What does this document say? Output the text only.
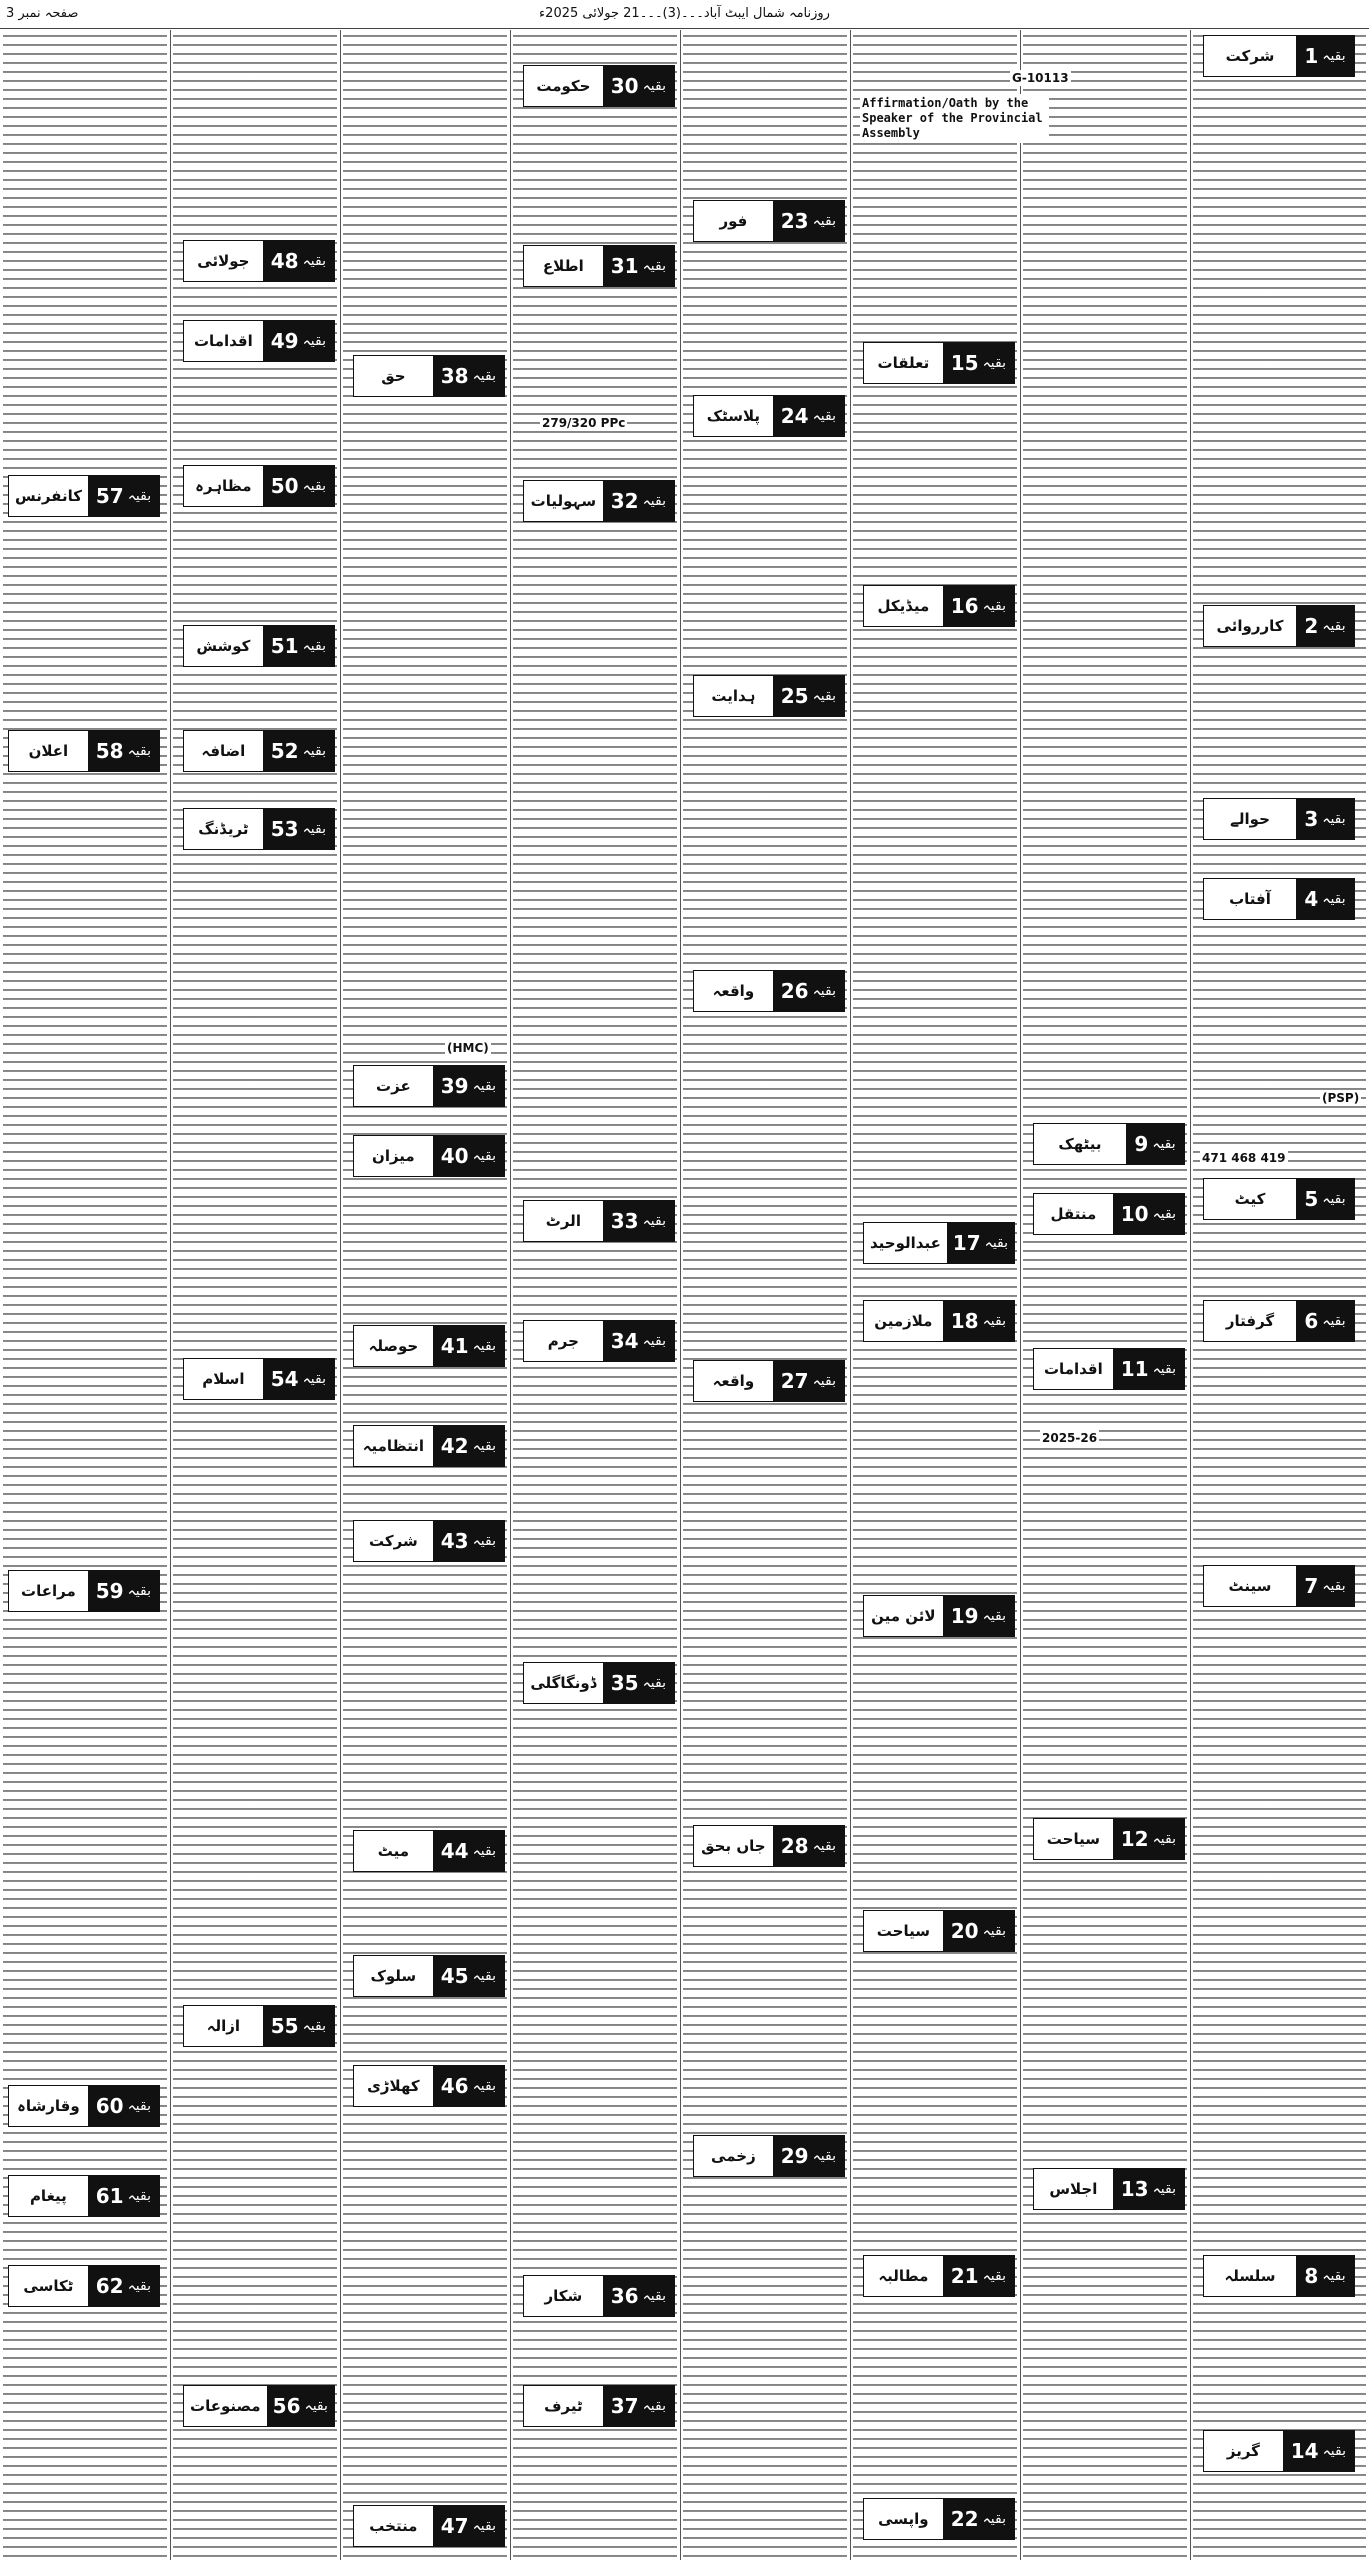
صفحہ نمبر 3	روزنامہ شمال ایبٹ آباد۔۔۔(3)۔۔۔21 جولائی 2025ء
Affirmation/Oath by the Speaker of the Provincial Assembly
G-10113
279/320 PPc
(HMC)
(PSP)
471 468 419
2025-26
شرکت	1 بقیہ
کارروائی	2 بقیہ
حوالے	3 بقیہ
آفتاب	4 بقیہ
کیٹ	5 بقیہ
گرفتار	6 بقیہ
سینٹ	7 بقیہ
سلسلہ	8 بقیہ
بیٹھک	9 بقیہ
منتقل	10 بقیہ
اقدامات 11 بقیہ
سیاحت	12 بقیہ
اجلاس	13 بقیہ
گریز	14 بقیہ
تعلقات	15 بقیہ
میڈیکل	16 بقیہ
عبدالوحید 17 بقیہ
ملازمین 18 بقیہ
لائن مین 19 بقیہ
سیاحت	20 بقیہ
مطالبہ	21 بقیہ
واپسی	22 بقیہ
فور	23 بقیہ
پلاسٹک	24 بقیہ
ہدایت	25 بقیہ
واقعہ	26 بقیہ
واقعہ	27 بقیہ
جاں بحق 28 بقیہ
زخمی	29 بقیہ
حکومت	30 بقیہ
اطلاع	31 بقیہ
سہولیات 32 بقیہ
الرٹ	33 بقیہ
جرم	34 بقیہ
ڈونگاگلی 35 بقیہ
شکار	36 بقیہ
ٹیرف	37 بقیہ
حق	38 بقیہ
عزت	39 بقیہ
میزان	40 بقیہ
حوصلہ	41 بقیہ
انتظامیہ 42 بقیہ
شرکت	43 بقیہ
میٹ	44 بقیہ
سلوک	45 بقیہ
کھلاڑی	46 بقیہ
منتخب	47 بقیہ
جولائی	48 بقیہ
اقدامات 49 بقیہ
مظاہرہ 50 بقیہ
کوشش	51 بقیہ
اضافہ	52 بقیہ
ٹریڈنگ	53 بقیہ
اسلام	54 بقیہ
ازالہ	55 بقیہ
مصنوعات 56 بقیہ
کانفرنس 57 بقیہ
اعلان	58 بقیہ
مراعات	59 بقیہ
وقارشاہ 60 بقیہ
پیغام	61 بقیہ
ٹکاسی	62 بقیہ
